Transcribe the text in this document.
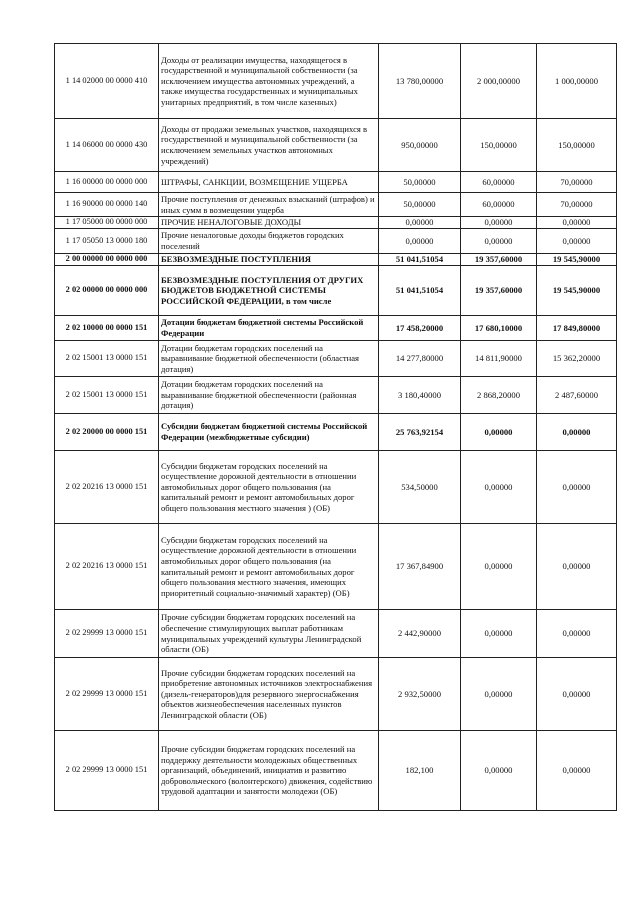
1 14 02000 00 0000 410	Доходы от реализации имущества, находящегося в государственной и муниципальной собственности (за исключением имущества автономных учреждений, а также имущества государственных и муниципальных унитарных предприятий, в том числе казенных)	13 780,00000	2 000,00000	1 000,00000
1 14 06000 00 0000 430	Доходы от продажи земельных участков, находящихся в государственной и муниципальной собственности (за исключением земельных участков автономных учреждений)	950,00000	150,00000	150,00000
1 16 00000 00 0000 000	ШТРАФЫ, САНКЦИИ, ВОЗМЕЩЕНИЕ УЩЕРБА	50,00000	60,00000	70,00000
1 16 90000 00 0000 140	Прочие поступления от денежных взысканий (штрафов) и иных сумм в возмещении ущерба	50,00000	60,00000	70,00000
1 17 05000 00 0000 000	ПРОЧИЕ НЕНАЛОГОВЫЕ ДОХОДЫ	0,00000	0,00000	0,00000
1 17 05050 13 0000 180	Прочие неналоговые доходы бюджетов городских поселений	0,00000	0,00000	0,00000
2 00 00000 00 0000 000	БЕЗВОЗМЕЗДНЫЕ ПОСТУПЛЕНИЯ	51 041,51054	19 357,60000	19 545,90000
2 02 00000 00 0000 000	БЕЗВОЗМЕЗДНЫЕ ПОСТУПЛЕНИЯ ОТ ДРУГИХ БЮДЖЕТОВ БЮДЖЕТНОЙ СИСТЕМЫ РОССИЙСКОЙ ФЕДЕРАЦИИ, в том числе	51 041,51054	19 357,60000	19 545,90000
2 02 10000 00 0000 151	Дотации бюджетам бюджетной системы Российской Федерации	17 458,20000	17 680,10000	17 849,80000
2 02 15001 13 0000 151	Дотации бюджетам городских поселений на выравнивание бюджетной обеспеченности (областная дотация)	14 277,80000	14 811,90000	15 362,20000
2 02 15001 13 0000 151	Дотации бюджетам городских поселений на выравнивание бюджетной обеспеченности (районная дотация)	3 180,40000	2 868,20000	2 487,60000
2 02 20000 00 0000 151	Субсидии бюджетам бюджетной системы Российской Федерации (межбюджетные субсидии)	25 763,92154	0,00000	0,00000
2 02 20216 13 0000 151	Субсидии бюджетам городских поселений на осуществление дорожной деятельности в отношении автомобильных дорог общего пользования (на капитальный ремонт и ремонт автомобильных дорог общего пользования местного значения ) (ОБ)	534,50000	0,00000	0,00000
2 02 20216 13 0000 151	Субсидии бюджетам городских поселений на осуществление дорожной деятельности в отношении автомобильных дорог общего пользования (на капитальный ремонт и ремонт автомобильных дорог общего пользования местного значения, имеющих приоритетный социально-значимый характер) (ОБ)	17 367,84900	0,00000	0,00000
2 02 29999 13 0000 151	Прочие субсидии бюджетам городских поселений на обеспечение стимулирующих выплат работникам муниципальных учреждений культуры Ленинградской области (ОБ)	2 442,90000	0,00000	0,00000
2 02 29999 13 0000 151	Прочие субсидии бюджетам городских поселений на приобретение автономных источников электроснабжения (дизель-генераторов)для резервного энергоснабжения объектов жизнеобеспечения населенных пунктов Ленинградской области (ОБ)	2 932,50000	0,00000	0,00000
2 02 29999 13 0000 151	Прочие субсидии бюджетам городских поселений на поддержку деятельности молодежных общественных организаций, объединений, инициатив и развитию добровольческого (волонтерского) движения, содействию трудовой адаптации и занятости молодежи (ОБ)	182,100	0,00000	0,00000
